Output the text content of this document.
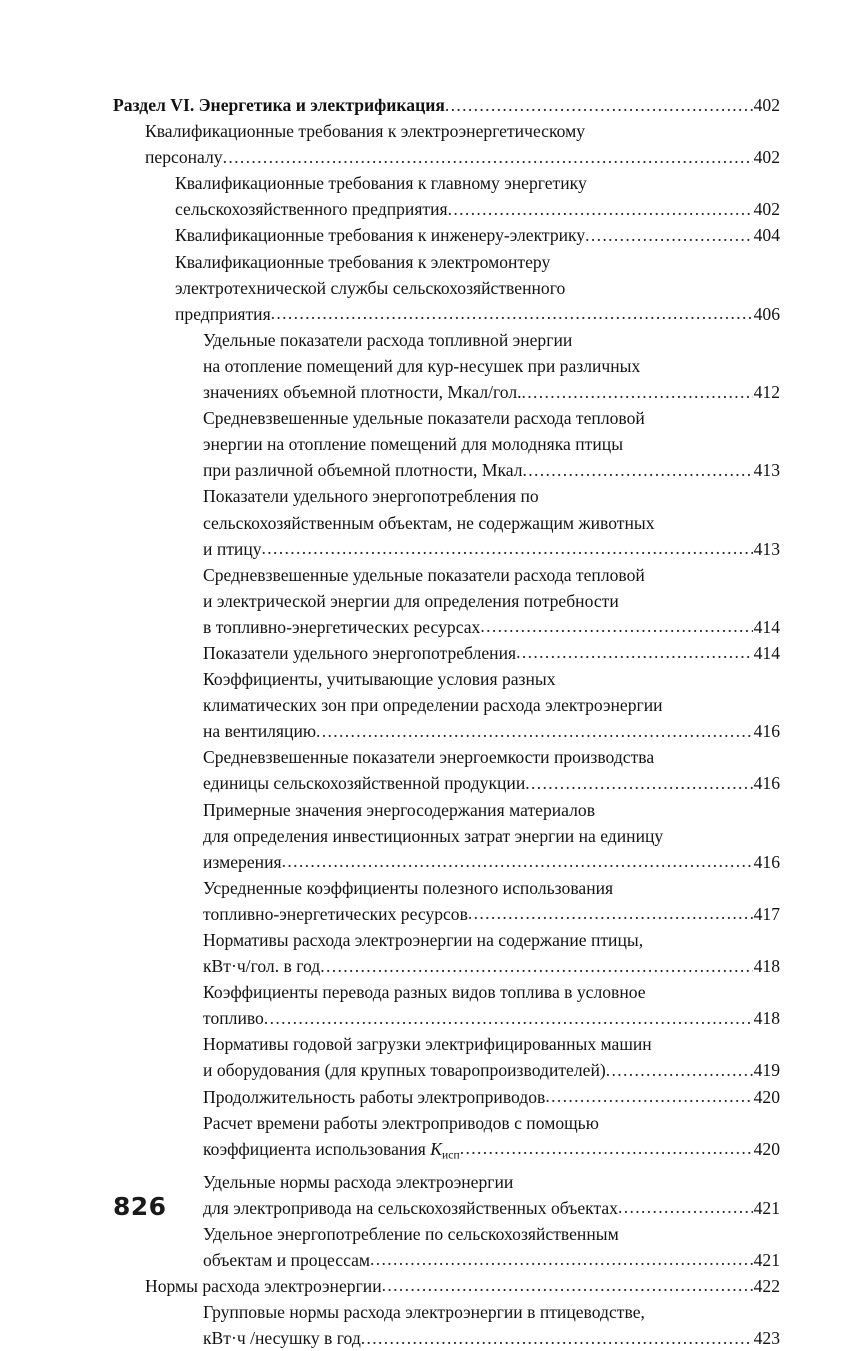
Раздел VI. Энергетика и электрификация .....	402
Квалификационные требования к электроэнергетическому
персоналу .....	402
Квалификационные требования к главному энергетику
сельскохозяйственного предприятия .....	402
Квалификационные требования к инженеру-электрику .....	404
Квалификационные требования к электромонтеру
электротехнической службы сельскохозяйственного
предприятия .....	406
Удельные показатели расхода топливной энергии
на отопление помещений для кур-несушек при различных
значениях объемной плотности, Мкал/гол. .....	412
Средневзвешенные удельные показатели расхода тепловой
энергии на отопление помещений для молодняка птицы
при различной объемной плотности, Мкал .....	413
Показатели удельного энергопотребления по
сельскохозяйственным объектам, не содержащим животных
и птицу .....	413
Средневзвешенные удельные показатели расхода тепловой
и электрической энергии для определения потребности
в топливно-энергетических ресурсах .....	414
Показатели удельного энергопотребления .....	414
Коэффициенты, учитывающие условия разных
климатических зон при определении расхода электроэнергии
на вентиляцию .....	416
Средневзвешенные показатели энергоемкости производства
единицы сельскохозяйственной продукции .....	416
Примерные значения энергосодержания материалов
для определения инвестиционных затрат энергии на единицу
измерения .....	416
Усредненные коэффициенты полезного использования
топливно-энергетических ресурсов .....	417
Нормативы расхода электроэнергии на содержание птицы,
кВт·ч/гол. в год .....	418
Коэффициенты перевода разных видов топлива в условное
топливо .....	418
Нормативы годовой загрузки электрифицированных машин
и оборудования (для крупных товаропроизводителей) .....	419
Продолжительность работы электроприводов .....	420
Расчет времени работы электроприводов с помощью
коэффициента использования $K_{исп}$ .....	420
Удельные нормы расхода электроэнергии
для электропривода на сельскохозяйственных объектах .....	421
Удельное энергопотребление по сельскохозяйственным
объектам и процессам .....	421
Нормы расхода электроэнергии .....	422
Групповые нормы расхода электроэнергии в птицеводстве,
кВт·ч /несушку в год .....	423
826
